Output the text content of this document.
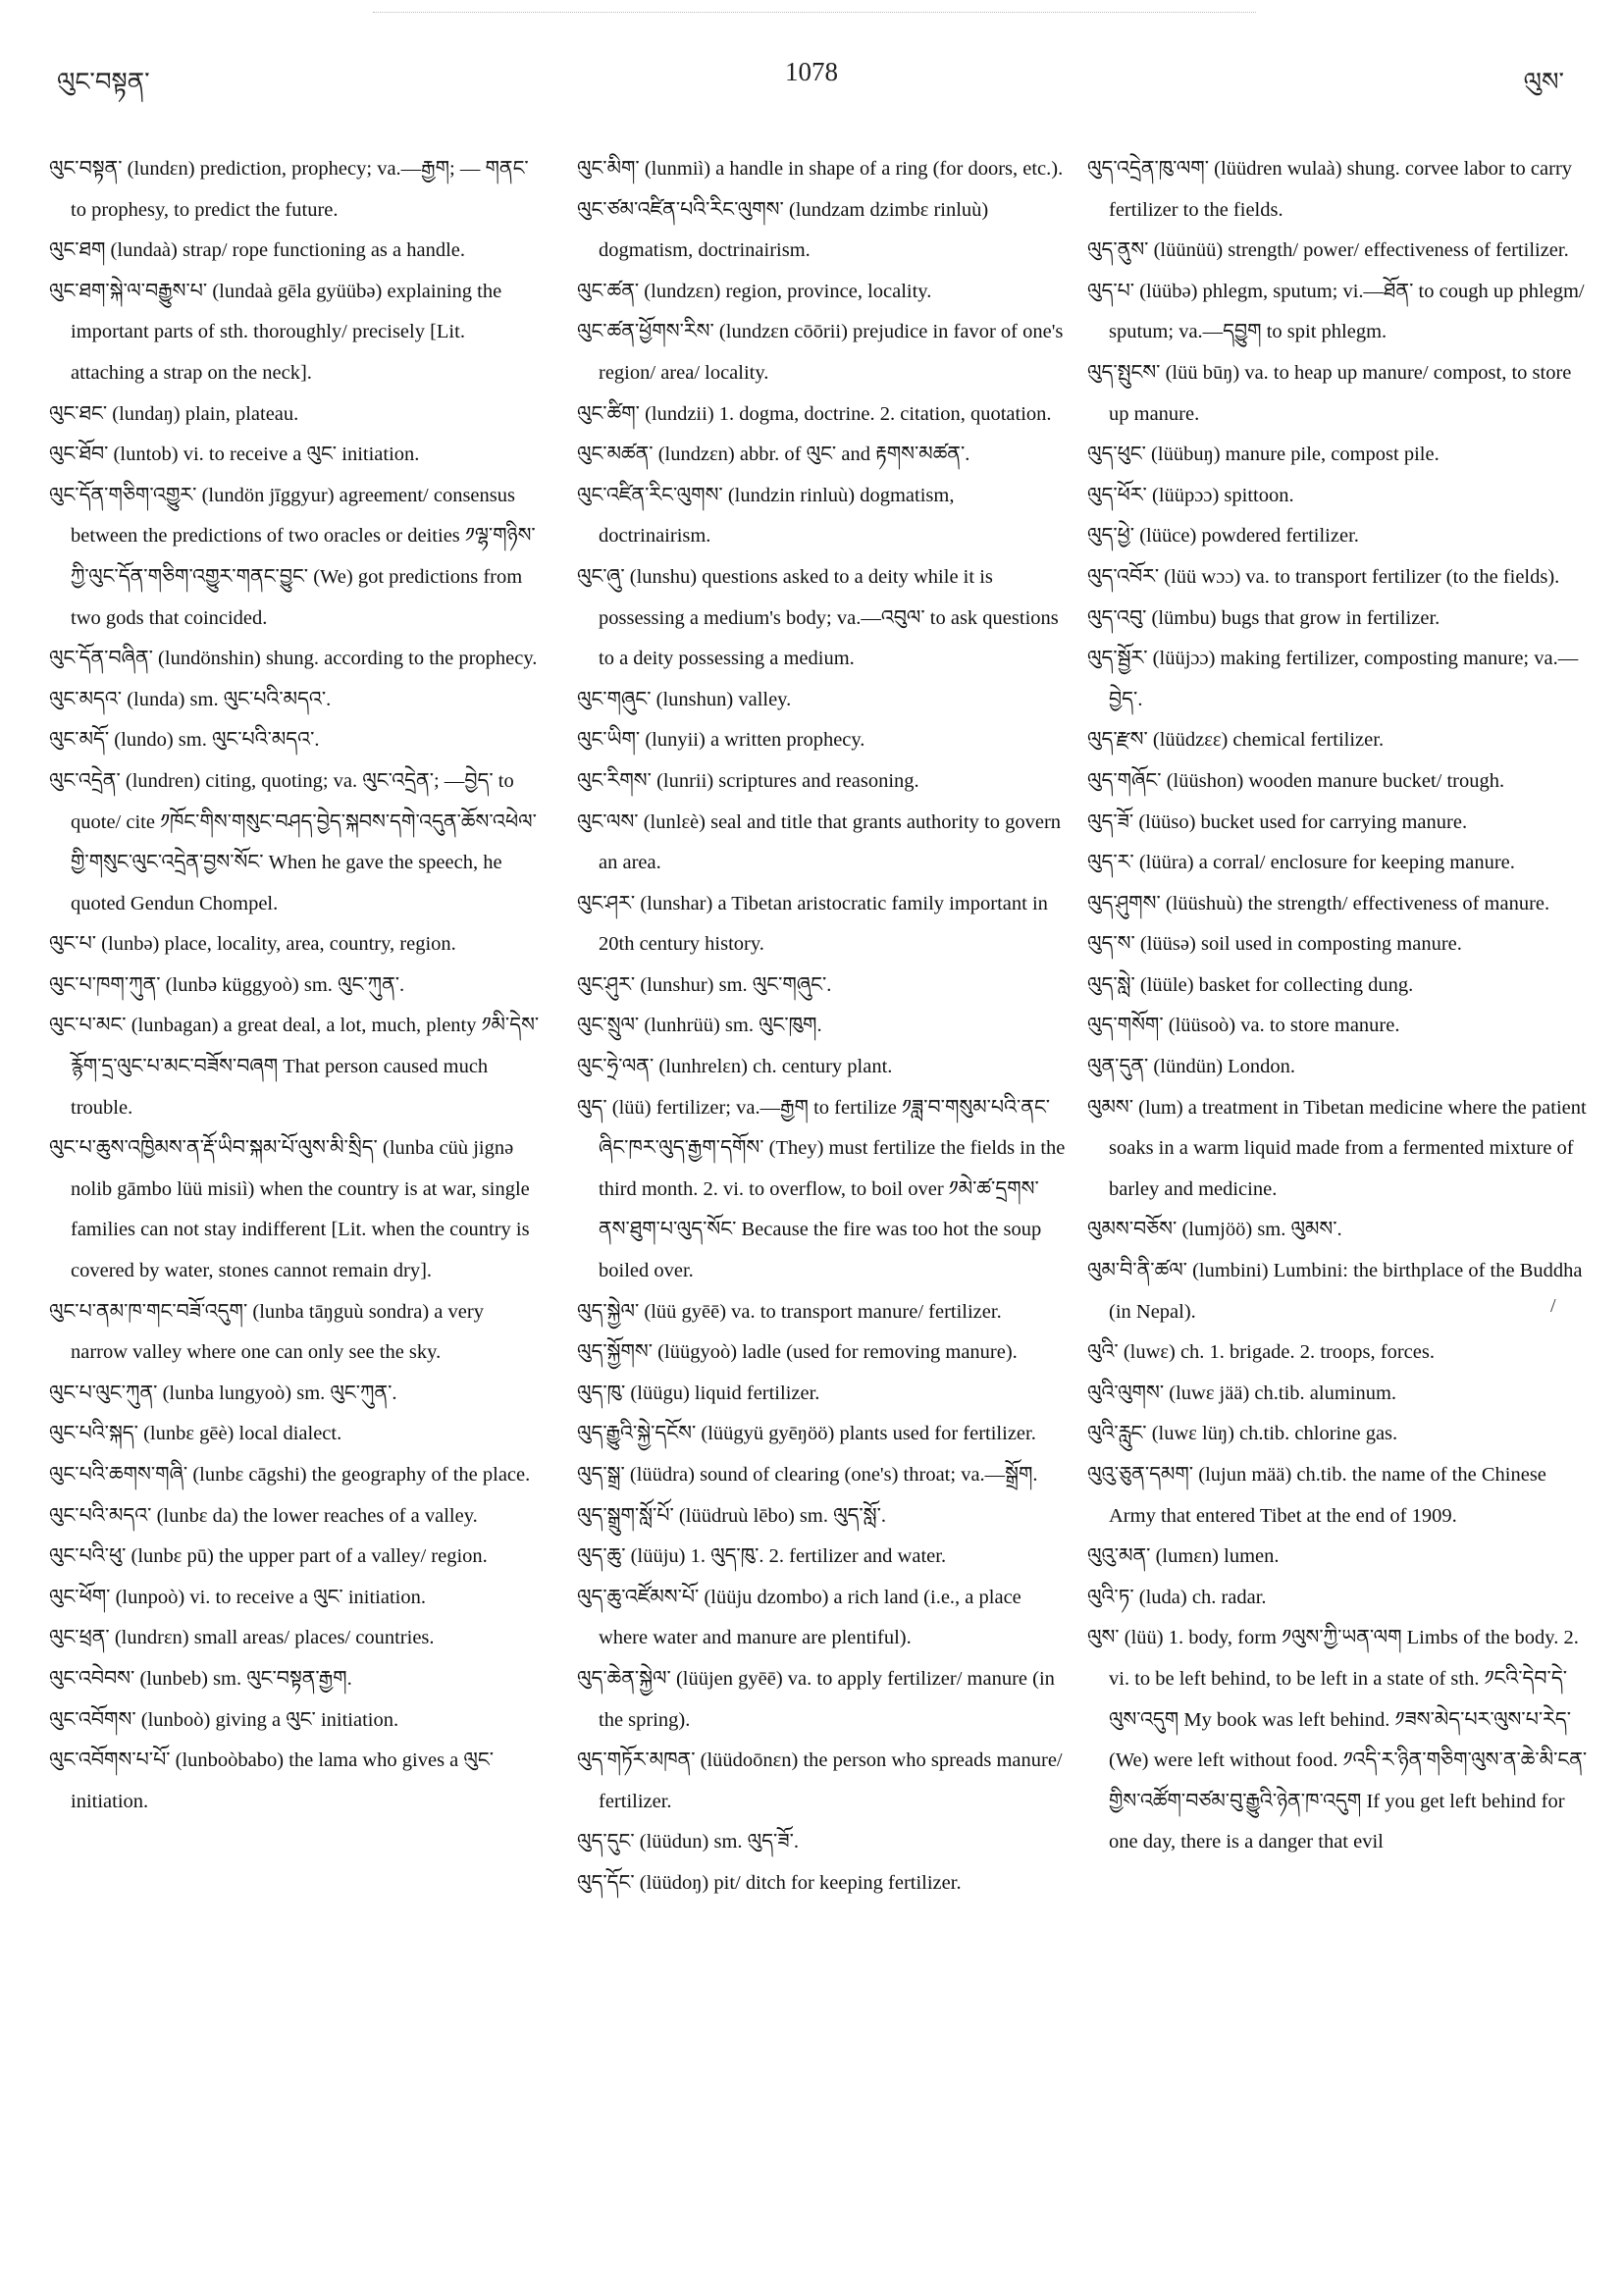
ལུང་བསྟན་	1078	ལུས་

ལུང་བསྟན་ (lundɛn) prediction, prophecy; va.—རྒྱག; — གནང་ to prophesy, to predict the future.

ལུང་ཐག (lundaà) strap/ rope functioning as a handle.

ལུང་ཐག་སྐེ་ལ་བརྒྱུས་པ་ (lundaà gēla gyüübə) explaining the important parts of sth. thoroughly/ precisely [Lit. attaching a strap on the neck].

ལུང་ཐང་ (lundaŋ) plain, plateau.

ལུང་ཐོབ་ (luntob) vi. to receive a ལུང་ initiation.

ལུང་དོན་གཅིག་འགྱུར་ (lundön jīggyur) agreement/ consensus between the predictions of two oracles or deities ༡ལྷ་གཉིས་ཀྱི་ལུང་དོན་གཅིག་འགྱུར་གནང་བྱུང་ (We) got predictions from two gods that coincided.

ལུང་དོན་བཞིན་ (lundönshin) shung. according to the prophecy.

ལུང་མདའ་ (lunda) sm. ལུང་པའི་མདའ་.

ལུང་མདོ་ (lundo) sm. ལུང་པའི་མདའ་.

ལུང་འདྲེན་ (lundren) citing, quoting; va. ལུང་འདྲེན་; —བྱེད་ to quote/ cite ༡ཁོང་གིས་གསུང་བཤད་བྱེད་སྐབས་དགེ་འདུན་ཆོས་འཕེལ་གྱི་གསུང་ལུང་འདྲེན་བྱས་སོང་ When he gave the speech, he quoted Gendun Chompel.

ལུང་པ་ (lunbə) place, locality, area, country, region.

ལུང་པ་ཁག་ཀུན་ (lunbə küggyoò) sm. ལུང་ཀུན་.

ལུང་པ་མང་ (lunbagan) a great deal, a lot, much, plenty ༡མི་དེས་རྙོག་དྲ་ལུང་པ་མང་བཟོས་བཞག That person caused much trouble.

ལུང་པ་ཆུས་འཁྱིམས་ན་རྡོ་ཡིབ་སྐམ་པོ་ལུས་མི་སྲིད་ (lunba cüù jignə nolib gāmbo lüü misiì) when the country is at war, single families can not stay indifferent [Lit. when the country is covered by water, stones cannot remain dry].

ལུང་པ་ནམ་ཁ་གང་བཟོ་འདུག་ (lunba tāŋguù sondra) a very narrow valley where one can only see the sky.

ལུང་པ་ལུང་ཀུན་ (lunba lungyoò) sm. ལུང་ཀུན་.

ལུང་པའི་སྐད་ (lunbɛ gēè) local dialect.

ལུང་པའི་ཆགས་གཞི་ (lunbɛ cāgshi) the geography of the place.

ལུང་པའི་མདའ་ (lunbɛ da) the lower reaches of a valley.

ལུང་པའི་ཕུ་ (lunbɛ pū) the upper part of a valley/ region.

ལུང་ཕོག་ (lunpoò) vi. to receive a ལུང་ initiation.

ལུང་ཕྲན་ (lundrɛn) small areas/ places/ countries.

ལུང་འབེབས་ (lunbeb) sm. ལུང་བསྟན་རྒྱག.

ལུང་འབོགས་ (lunboò) giving a ལུང་ initiation.

ལུང་འབོགས་པ་པོ་ (lunboòbabo) the lama who gives a ལུང་ initiation.

ལུང་མིག་ (lunmiì) a handle in shape of a ring (for doors, etc.).

ལུང་ཙམ་འཛིན་པའི་རིང་ལུགས་ (lundzam dzimbɛ rinluù) dogmatism, doctrinairism.

ལུང་ཚན་ (lundzɛn) region, province, locality.

ལུང་ཚན་ཕྱོགས་རིས་ (lundzɛn cōōrii) prejudice in favor of one's region/ area/ locality.

ལུང་ཚིག་ (lundzii) 1. dogma, doctrine. 2. citation, quotation.

ལུང་མཚན་ (lundzɛn) abbr. of ལུང་ and རྟགས་མཚན་.

ལུང་འཛིན་རིང་ལུགས་ (lundzin rinluù) dogmatism, doctrinairism.

ལུང་ཞུ་ (lunshu) questions asked to a deity while it is possessing a medium's body; va.—འབུལ་ to ask questions to a deity possessing a medium.

ལུང་གཞུང་ (lunshun) valley.

ལུང་ཡིག་ (lunyii) a written prophecy.

ལུང་རིགས་ (lunrii) scriptures and reasoning.

ལུང་ལས་ (lunlɛè) seal and title that grants authority to govern an area.

ལུང་ཤར་ (lunshar) a Tibetan aristocratic family important in 20th century history.

ལུང་ཤུར་ (lunshur) sm. ལུང་གཞུང་.

ལུང་སྲུལ་ (lunhrüü) sm. ལུང་ཁུག.

ལུང་ཧྲེ་ལན་ (lunhrelɛn) ch. century plant.

ལུད་ (lüü) fertilizer; va.—རྒྱག to fertilize ༡ཟླ་བ་གསུམ་པའི་ནང་ཞིང་ཁར་ལུད་རྒྱག་དགོས་ (They) must fertilize the fields in the third month. 2. vi. to overflow, to boil over ༡མེ་ཚ་དྲགས་ནས་ཐུག་པ་ལུད་སོང་ Because the fire was too hot the soup boiled over.

ལུད་སྐྱེལ་ (lüü gyēē) va. to transport manure/ fertilizer.

ལུད་སྐྱོགས་ (lüügyoò) ladle (used for removing manure).

ལུད་ཁུ་ (lüügu) liquid fertilizer.

ལུད་རྒྱུའི་སྐྱེ་དངོས་ (lüügyü gyēŋöö) plants used for fertilizer.

ལུད་སྒྲ་ (lüüdra) sound of clearing (one's) throat; va.—སྒྲོག.

ལུད་སྒྲུག་སློ་པོ་ (lüüdruù lēbo) sm. ལུད་སློ་.

ལུད་ཆུ་ (lüüju) 1. ལུད་ཁུ་. 2. fertilizer and water.

ལུད་ཆུ་འཛོམས་པོ་ (lüüju dzombo) a rich land (i.e., a place where water and manure are plentiful).

ལུད་ཆེན་སྐྱེལ་ (lüüjen gyēē) va. to apply fertilizer/ manure (in the spring).

ལུད་གཏོར་མཁན་ (lüüdoōnɛn) the person who spreads manure/ fertilizer.

ལུད་དུང་ (lüüdun) sm. ལུད་ཟོ་.

ལུད་དོང་ (lüüdoŋ) pit/ ditch for keeping fertilizer.

ལུད་འདྲེན་ཁུ་ལག་ (lüüdren wulaà) shung. corvee labor to carry fertilizer to the fields.

ལུད་ནུས་ (lüünüü) strength/ power/ effectiveness of fertilizer.

ལུད་པ་ (lüübə) phlegm, sputum; vi.—ཐོན་ to cough up phlegm/ sputum; va.—དབྱུག to spit phlegm.

ལུད་སྤུངས་ (lüü būŋ) va. to heap up manure/ compost, to store up manure.

ལུད་ཕུང་ (lüübuŋ) manure pile, compost pile.

ལུད་ཕོར་ (lüüpɔɔ) spittoon.

ལུད་ཕྱེ་ (lüüce) powdered fertilizer.

ལུད་འབོར་ (lüü wɔɔ) va. to transport fertilizer (to the fields).

ལུད་འབུ་ (lümbu) bugs that grow in fertilizer.

ལུད་སྦྱོར་ (lüüjɔɔ) making fertilizer, composting manure; va.—བྱེད་.

ལུད་རྫས་ (lüüdzɛɛ) chemical fertilizer.

ལུད་གཞོང་ (lüüshon) wooden manure bucket/ trough.

ལུད་ཟོ་ (lüüso) bucket used for carrying manure.

ལུད་ར་ (lüüra) a corral/ enclosure for keeping manure.

ལུད་ཤུགས་ (lüüshuù) the strength/ effectiveness of manure.

ལུད་ས་ (lüüsə) soil used in composting manure.

ལུད་སླེ་ (lüüle) basket for collecting dung.

ལུད་གསོག་ (lüüsoò) va. to store manure.

ལུན་དུན་ (lündün) London.

ལུམས་ (lum) a treatment in Tibetan medicine where the patient soaks in a warm liquid made from a fermented mixture of barley and medicine.

ལུམས་བཅོས་ (lumjöö) sm. ལུམས་.

ལུམ་བི་ནི་ཚལ་ (lumbini) Lumbini: the birthplace of the Buddha (in Nepal).

ལུའི་ (luwɛ) ch. 1. brigade. 2. troops, forces.

ལུའི་ལུགས་ (luwɛ jää) ch.tib. aluminum.

ལུའི་རླུང་ (luwɛ lüŋ) ch.tib. chlorine gas.

ལུའུ་ཅུན་དམག་ (lujun mää) ch.tib. the name of the Chinese Army that entered Tibet at the end of 1909.

ལུའུ་མན་ (lumɛn) lumen.

ལུའི་ཏ་ (luda) ch. radar.

ལུས་ (lüü) 1. body, form ༡ལུས་ཀྱི་ཡན་ལག Limbs of the body. 2. vi. to be left behind, to be left in a state of sth. ༡ངའི་དེབ་དེ་ལུས་འདུག My book was left behind. ༡ཟས་མེད་པར་ལུས་པ་རེད་ (We) were left without food. ༡འདི་ར་ཉིན་གཅིག་ལུས་ན་ཆེ་མི་ངན་གྱིས་འཚོག་བཙམ་བུ་རྒྱུའི་ཉེན་ཁ་འདུག If you get left behind for one day, there is a danger that evil

/
